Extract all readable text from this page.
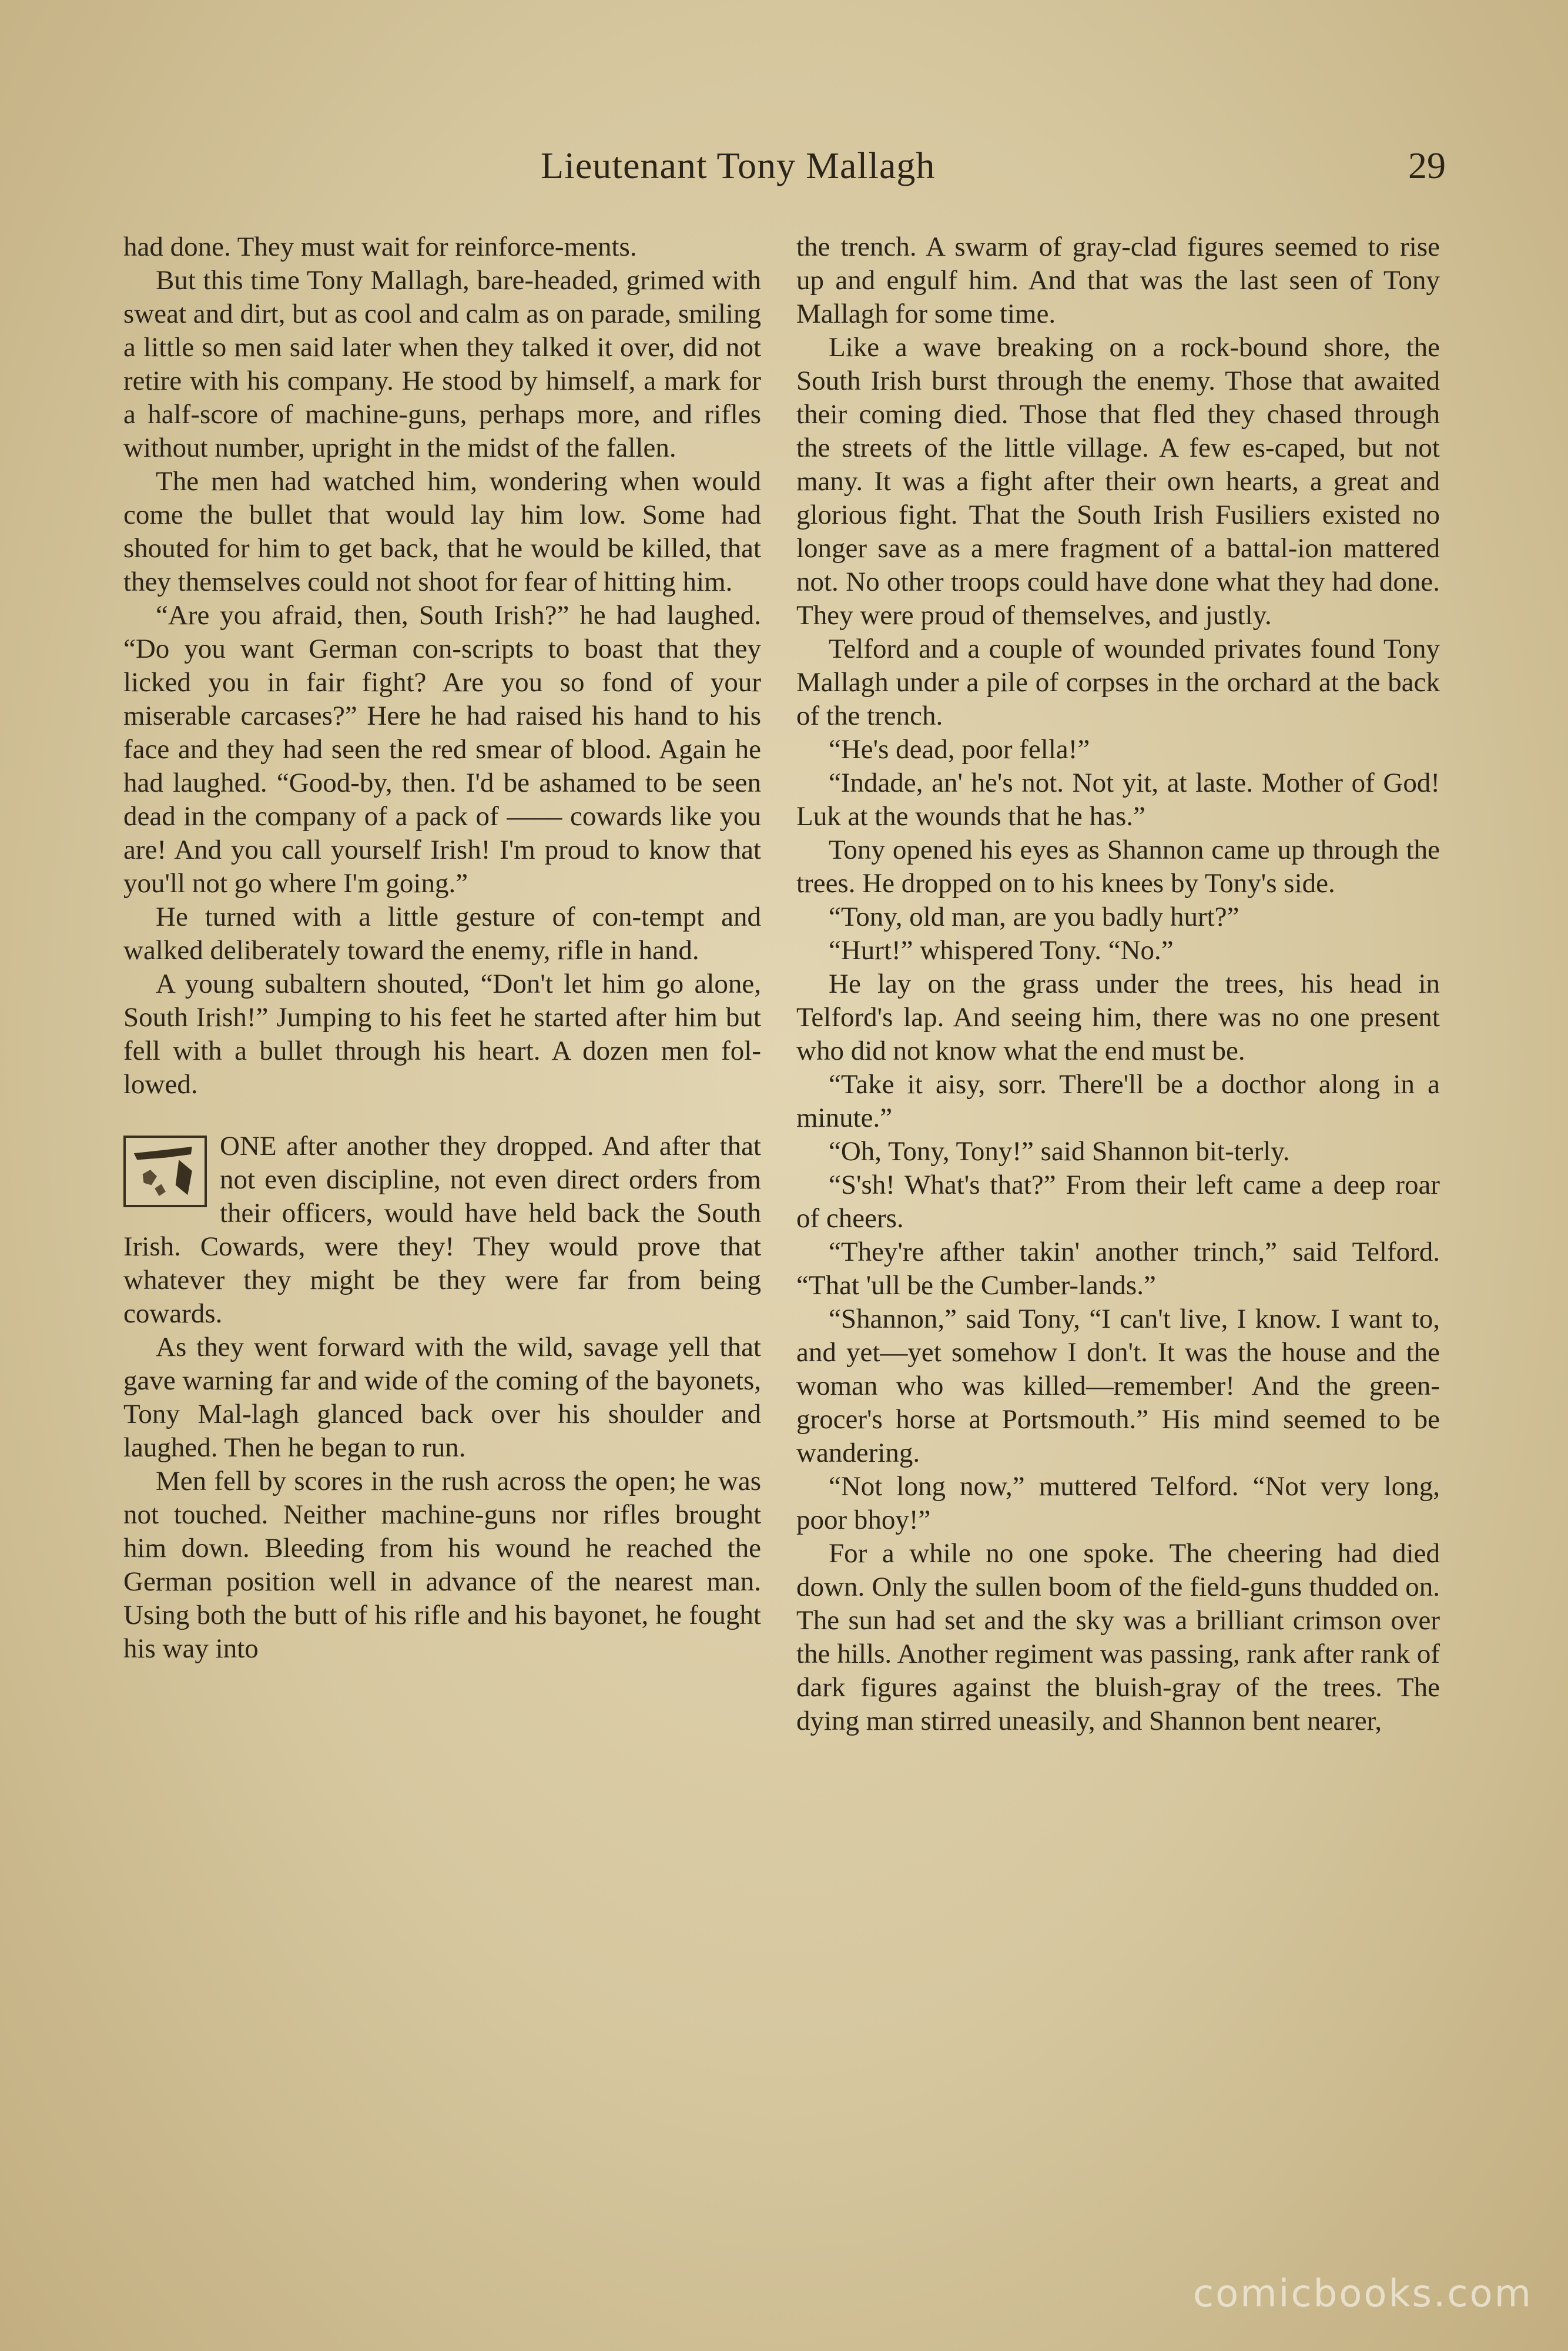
Lieutenant Tony Mallagh	29

had done. They must wait for reinforce-ments.

But this time Tony Mallagh, bare-headed, grimed with sweat and dirt, but as cool and calm as on parade, smiling a little so men said later when they talked it over, did not retire with his company. He stood by himself, a mark for a half-score of machine-guns, perhaps more, and rifles without number, upright in the midst of the fallen.

The men had watched him, wondering when would come the bullet that would lay him low. Some had shouted for him to get back, that he would be killed, that they themselves could not shoot for fear of hitting him.

“Are you afraid, then, South Irish?” he had laughed. “Do you want German con-scripts to boast that they licked you in fair fight? Are you so fond of your miserable carcases?” Here he had raised his hand to his face and they had seen the red smear of blood. Again he had laughed. “Good-by, then. I'd be ashamed to be seen dead in the company of a pack of —— cowards like you are! And you call yourself Irish! I'm proud to know that you'll not go where I'm going.”

He turned with a little gesture of con-tempt and walked deliberately toward the enemy, rifle in hand.

A young subaltern shouted, “Don't let him go alone, South Irish!” Jumping to his feet he started after him but fell with a bullet through his heart. A dozen men fol-lowed.

ONE after another they dropped. And after that not even discipline, not even direct orders from their officers, would have held back the South Irish. Cowards, were they! They would prove that whatever they might be they were far from being cowards.

As they went forward with the wild, savage yell that gave warning far and wide of the coming of the bayonets, Tony Mal-lagh glanced back over his shoulder and laughed. Then he began to run.

Men fell by scores in the rush across the open; he was not touched. Neither machine-guns nor rifles brought him down. Bleeding from his wound he reached the German position well in advance of the nearest man. Using both the butt of his rifle and his bayonet, he fought his way into

the trench. A swarm of gray-clad figures seemed to rise up and engulf him. And that was the last seen of Tony Mallagh for some time.

Like a wave breaking on a rock-bound shore, the South Irish burst through the enemy. Those that awaited their coming died. Those that fled they chased through the streets of the little village. A few es-caped, but not many. It was a fight after their own hearts, a great and glorious fight. That the South Irish Fusiliers existed no longer save as a mere fragment of a battal-ion mattered not. No other troops could have done what they had done. They were proud of themselves, and justly.

Telford and a couple of wounded privates found Tony Mallagh under a pile of corpses in the orchard at the back of the trench.

“He's dead, poor fella!”

“Indade, an' he's not. Not yit, at laste. Mother of God! Luk at the wounds that he has.”

Tony opened his eyes as Shannon came up through the trees. He dropped on to his knees by Tony's side.

“Tony, old man, are you badly hurt?”

“Hurt!” whispered Tony. “No.”

He lay on the grass under the trees, his head in Telford's lap. And seeing him, there was no one present who did not know what the end must be.

“Take it aisy, sorr. There'll be a docthor along in a minute.”

“Oh, Tony, Tony!” said Shannon bit-terly.

“S'sh! What's that?” From their left came a deep roar of cheers.

“They're afther takin' another trinch,” said Telford. “That 'ull be the Cumber-lands.”

“Shannon,” said Tony, “I can't live, I know. I want to, and yet—yet somehow I don't. It was the house and the woman who was killed—remember! And the green-grocer's horse at Portsmouth.” His mind seemed to be wandering.

“Not long now,” muttered Telford. “Not very long, poor bhoy!”

For a while no one spoke. The cheering had died down. Only the sullen boom of the field-guns thudded on. The sun had set and the sky was a brilliant crimson over the hills. Another regiment was passing, rank after rank of dark figures against the bluish-gray of the trees. The dying man stirred uneasily, and Shannon bent nearer,

comicbooks.com
